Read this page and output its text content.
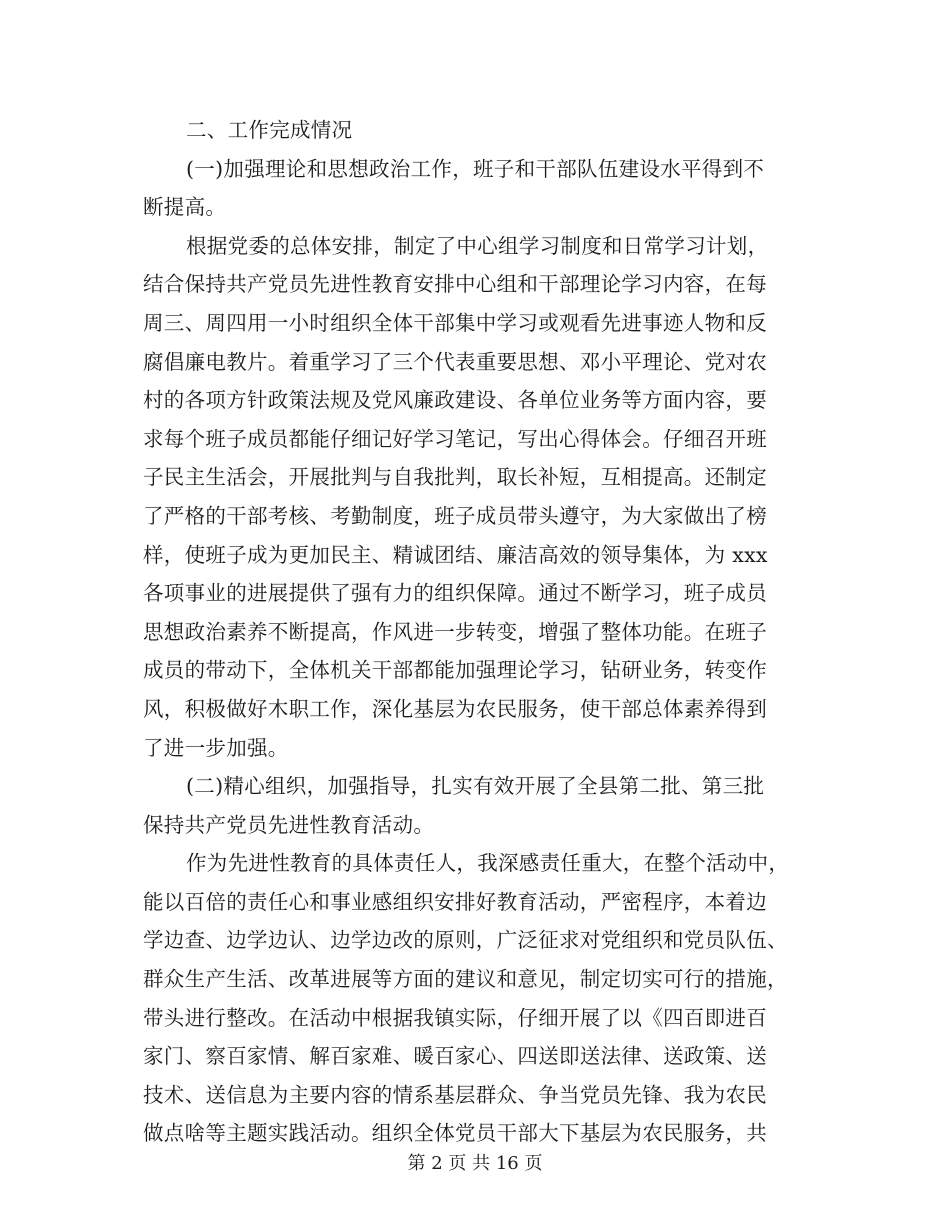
二、工作完成情况
(一)加强理论和思想政治工作，班子和干部队伍建设水平得到不
断提高。
根据党委的总体安排，制定了中心组学习制度和日常学习计划，
结合保持共产党员先进性教育安排中心组和干部理论学习内容，在每
周三、周四用一小时组织全体干部集中学习或观看先进事迹人物和反
腐倡廉电教片。着重学习了三个代表重要思想、邓小平理论、党对农
村的各项方针政策法规及党风廉政建设、各单位业务等方面内容，要
求每个班子成员都能仔细记好学习笔记，写出心得体会。仔细召开班
子民主生活会，开展批判与自我批判，取长补短，互相提高。还制定
了严格的干部考核、考勤制度，班子成员带头遵守，为大家做出了榜
样，使班子成为更加民主、精诚团结、廉洁高效的领导集体，为 xxx
各项事业的进展提供了强有力的组织保障。通过不断学习，班子成员
思想政治素养不断提高，作风进一步转变，增强了整体功能。在班子
成员的带动下，全体机关干部都能加强理论学习，钻研业务，转变作
风，积极做好木职工作，深化基层为农民服务，使干部总体素养得到
了进一步加强。
(二)精心组织，加强指导，扎实有效开展了全县第二批、第三批
保持共产党员先进性教育活动。
作为先进性教育的具体责任人，我深感责任重大，在整个活动中，
能以百倍的责任心和事业感组织安排好教育活动，严密程序，本着边
学边查、边学边认、边学边改的原则，广泛征求对党组织和党员队伍、
群众生产生活、改革进展等方面的建议和意见，制定切实可行的措施，
带头进行整改。在活动中根据我镇实际，仔细开展了以《四百即进百
家门、察百家情、解百家难、暖百家心、四送即送法律、送政策、送
技术、送信息为主要内容的情系基层群众、争当党员先锋、我为农民
做点啥等主题实践活动。组织全体党员干部大下基层为农民服务，共
第 2 页 共 16 页
